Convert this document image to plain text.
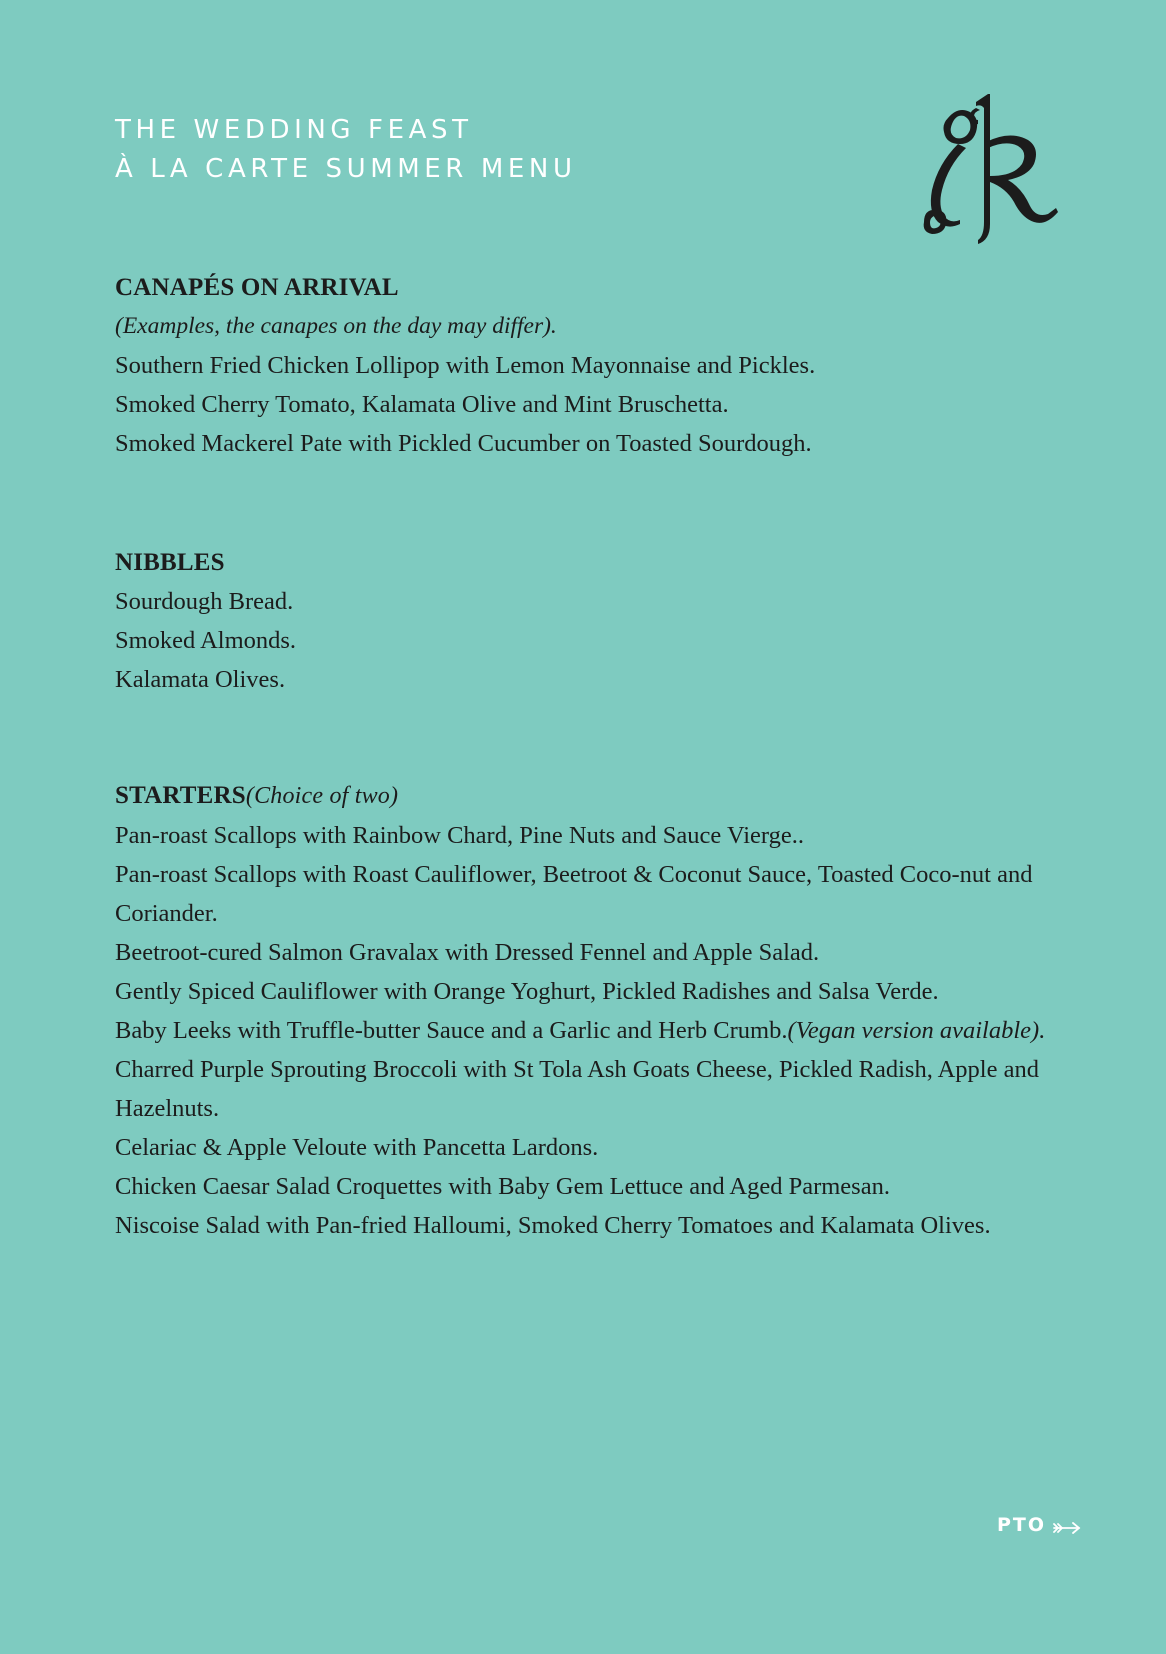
THE WEDDING FEAST
À LA CARTE SUMMER MENU
CANAPÉS ON ARRIVAL
(Examples, the canapes on the day may differ).
Southern Fried Chicken Lollipop with Lemon Mayonnaise and Pickles.
Smoked Cherry Tomato, Kalamata Olive and Mint Bruschetta.
Smoked Mackerel Pate with Pickled Cucumber on Toasted Sourdough.
NIBBLES
Sourdough Bread.
Smoked Almonds.
Kalamata Olives.
STARTERS(Choice of two)
Pan-roast Scallops with Rainbow Chard, Pine Nuts and Sauce Vierge..
Pan-roast Scallops with Roast Cauliflower, Beetroot & Coconut Sauce, Toasted Coco-nut and Coriander.
Beetroot-cured Salmon Gravalax with Dressed Fennel and Apple Salad.
Gently Spiced Cauliflower with Orange Yoghurt, Pickled Radishes and Salsa Verde.
Baby Leeks with Truffle-butter Sauce and a Garlic and Herb Crumb.(Vegan version available).
Charred Purple Sprouting Broccoli with St Tola Ash Goats Cheese, Pickled Radish, Apple and Hazelnuts.
Celariac & Apple Veloute with Pancetta Lardons.
Chicken Caesar Salad Croquettes with Baby Gem Lettuce and Aged Parmesan.
Niscoise Salad with Pan-fried Halloumi, Smoked Cherry Tomatoes and Kalamata Olives.
PTO
